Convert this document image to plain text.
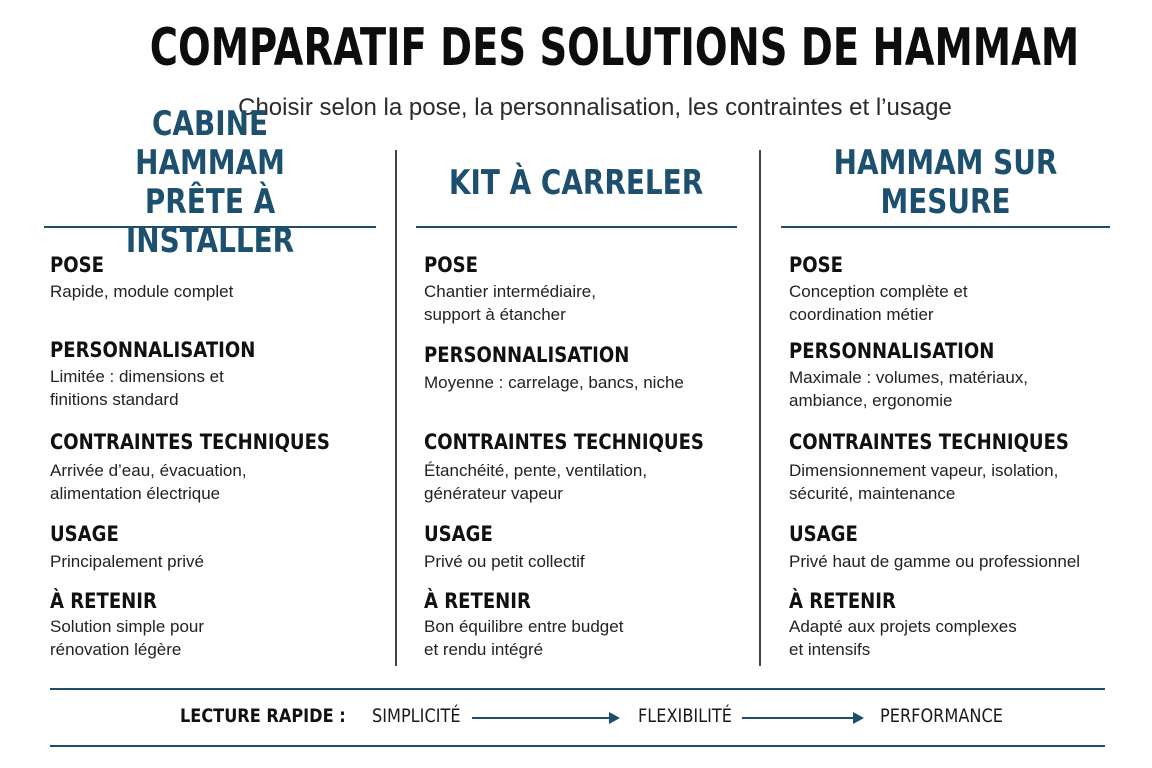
COMPARATIF DES SOLUTIONS DE HAMMAM
Choisir selon la pose, la personnalisation, les contraintes et l’usage
CABINE HAMMAM
PRÊTE À INSTALLER
POSE
Rapide, module complet
PERSONNALISATION
Limitée : dimensions et
finitions standard
CONTRAINTES TECHNIQUES
Arrivée d’eau, évacuation,
alimentation électrique
USAGE
Principalement privé
À RETENIR
Solution simple pour
rénovation légère
KIT À CARRELER
POSE
Chantier intermédiaire,
support à étancher
PERSONNALISATION
Moyenne : carrelage, bancs, niche
CONTRAINTES TECHNIQUES
Étanchéité, pente, ventilation,
générateur vapeur
USAGE
Privé ou petit collectif
À RETENIR
Bon équilibre entre budget
et rendu intégré
HAMMAM SUR MESURE
POSE
Conception complète et
coordination métier
PERSONNALISATION
Maximale : volumes, matériaux,
ambiance, ergonomie
CONTRAINTES TECHNIQUES
Dimensionnement vapeur, isolation,
sécurité, maintenance
USAGE
Privé haut de gamme ou professionnel
À RETENIR
Adapté aux projets complexes
et intensifs
LECTURE RAPIDE : SIMPLICITÉ	FLEXIBILITÉ	PERFORMANCE
